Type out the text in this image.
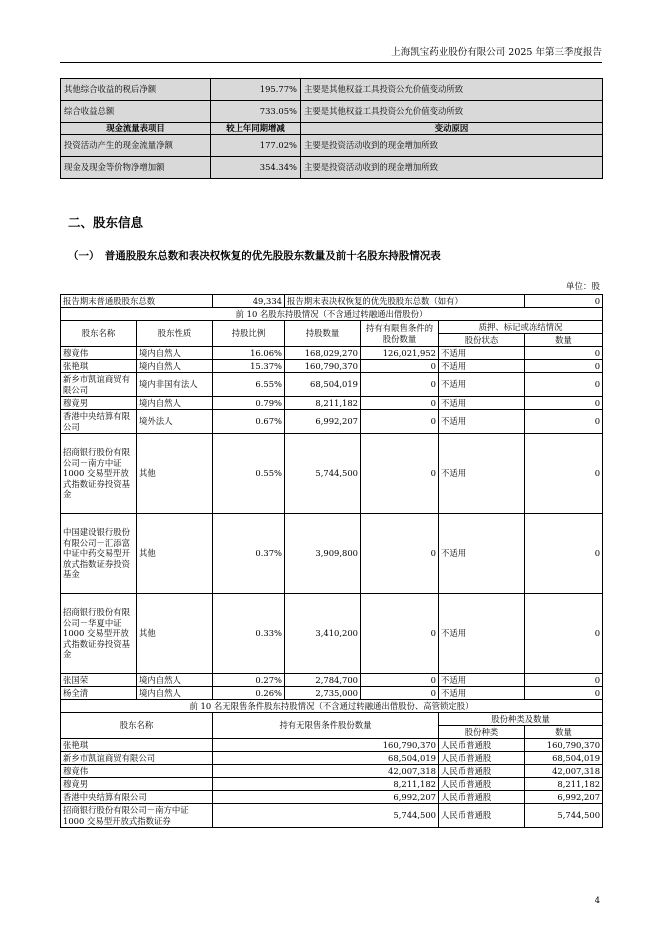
上海凯宝药业股份有限公司 2025 年第三季度报告
其他综合收益的税后净额	195.77%	主要是其他权益工具投资公允价值变动所致
综合收益总额	733.05%	主要是其他权益工具投资公允价值变动所致
现金流量表项目	较上年同期增减	变动原因
投资活动产生的现金流量净额	177.02%	主要是投资活动收到的现金增加所致
现金及现金等价物净增加额	354.34%	主要是投资活动收到的现金增加所致
二、股东信息
（一）　普通股股东总数和表决权恢复的优先股股东数量及前十名股东持股情况表
单位：股
报告期末普通股股东总数		49,334	报告期末表决权恢复的优先股股东总数（如有）			0
前 10 名股东持股情况（不含通过转融通出借股份）						
股东名称	股东性质	持股比例	持股数量	持有有限售条件的股份数量	质押、标记或冻结情况	
					股份状态	数量
穆竟伟	境内自然人	16.06%	168,029,270	126,021,952	不适用	0
张艳琪	境内自然人	15.37%	160,790,370	0	不适用	0
新乡市凯谊商贸有限公司	境内非国有法人	6.55%	68,504,019	0	不适用	0
穆竟男	境内自然人	0.79%	8,211,182	0	不适用	0
香港中央结算有限公司	境外法人	0.67%	6,992,207	0	不适用	0
招商银行股份有限公司－南方中证 1000 交易型开放式指数证券投资基金	其他	0.55%	5,744,500	0	不适用	0
中国建设银行股份有限公司－汇添富中证中药交易型开放式指数证券投资基金	其他	0.37%	3,909,800	0	不适用	0
招商银行股份有限公司－华夏中证 1000 交易型开放式指数证券投资基金	其他	0.33%	3,410,200	0	不适用	0
张国荣	境内自然人	0.27%	2,784,700	0	不适用	0
杨全清	境内自然人	0.26%	2,735,000	0	不适用	0
前 10 名无限售条件股东持股情况（不含通过转融通出借股份、高管锁定股）						
股东名称		持有无限售条件股份数量			股份种类及数量	
					股份种类	数量
张艳琪		160,790,370			人民币普通股	160,790,370
新乡市凯谊商贸有限公司		68,504,019			人民币普通股	68,504,019
穆竟伟		42,007,318			人民币普通股	42,007,318
穆竟男		8,211,182			人民币普通股	8,211,182
香港中央结算有限公司		6,992,207			人民币普通股	6,992,207
招商银行股份有限公司－南方中证 1000 交易型开放式指数证券		5,744,500			人民币普通股	5,744,500
4
